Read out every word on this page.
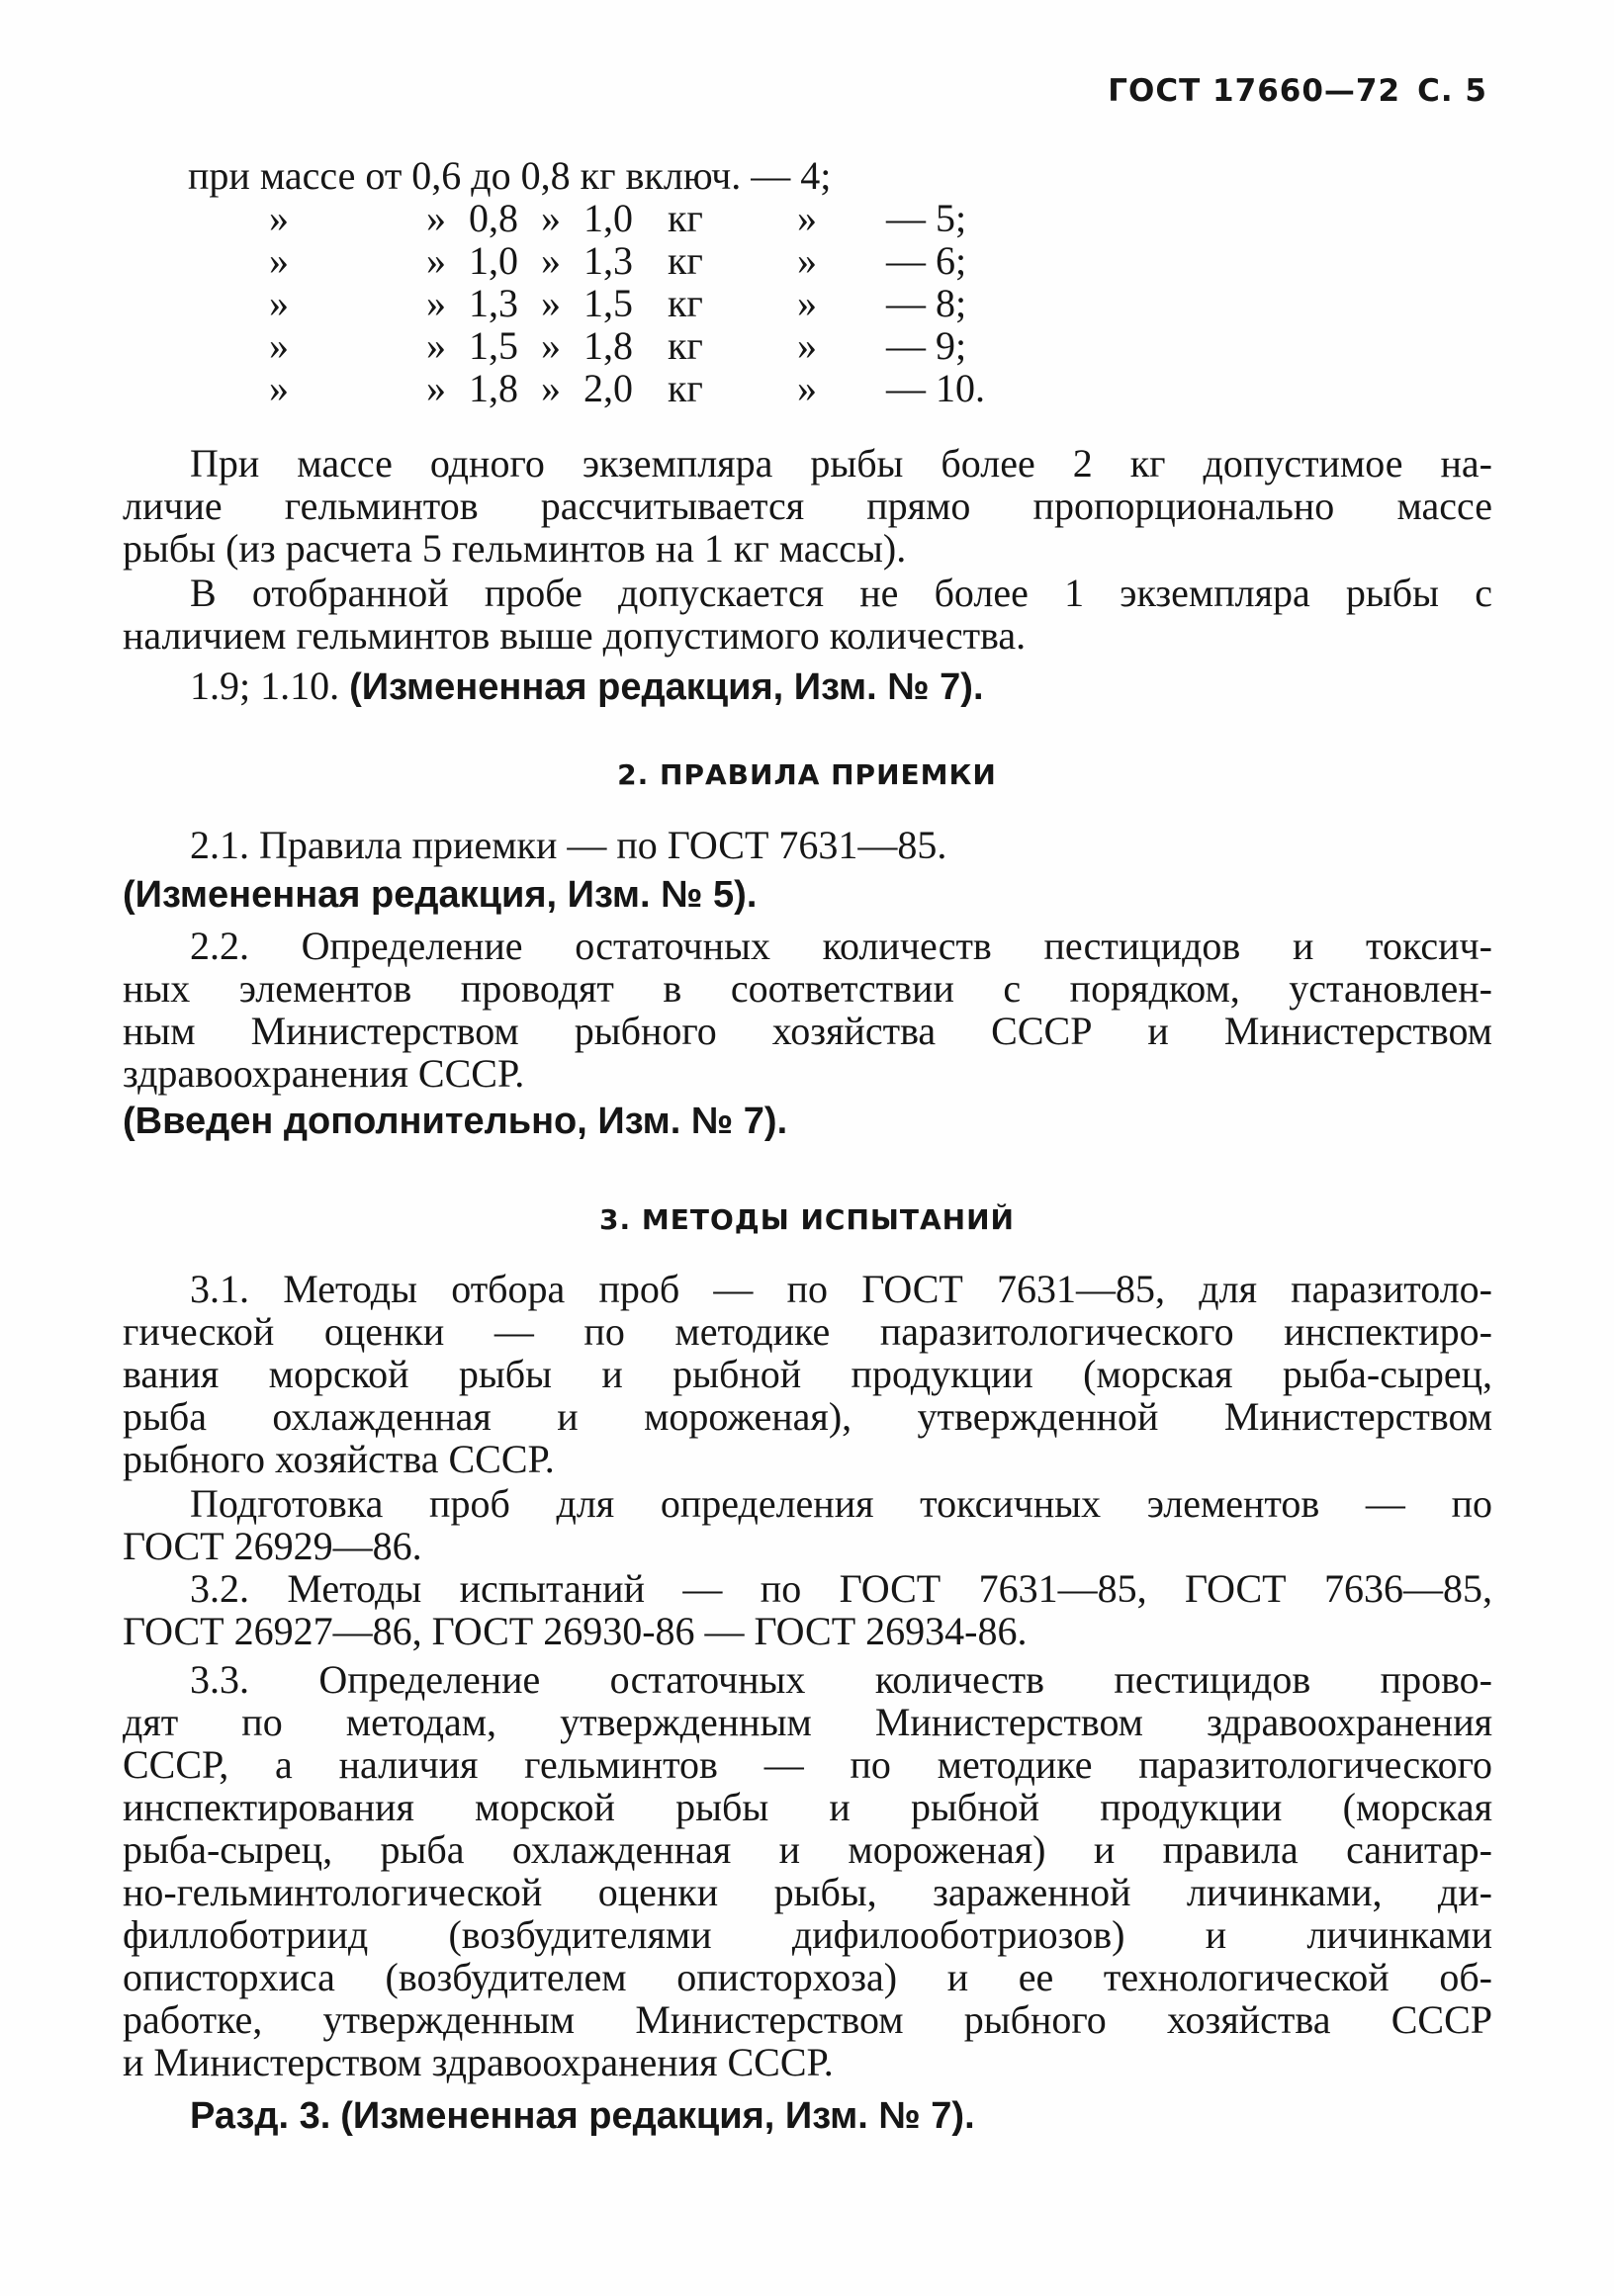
ГОСТ 17660—72 С. 5
при массе от 0,6 до 0,8 кг включ. — 4;
»	» 0,8 » 1,0 кг » — 5;
»	» 1,0 » 1,3 кг » — 6;
»	» 1,3 » 1,5 кг » — 8;
»	» 1,5 » 1,8 кг » — 9;
»	» 1,8 » 2,0 кг » — 10.
При массе одного экземпляра рыбы более 2 кг допустимое на-
личие гельминтов рассчитывается прямо пропорционально массе
рыбы (из расчета 5 гельминтов на 1 кг массы).
В отобранной пробе допускается не более 1 экземпляра рыбы с
наличием гельминтов выше допустимого количества.
1.9; 1.10. (Измененная редакция, Изм. № 7).
2. ПРАВИЛА ПРИЕМКИ
2.1. Правила приемки — по ГОСТ 7631—85.
(Измененная редакция, Изм. № 5).
2.2. Определение остаточных количеств пестицидов и токсич-
ных элементов проводят в соответствии с порядком, установлен-
ным Министерством рыбного хозяйства СССР и Министерством
здравоохранения СССР.
(Введен дополнительно, Изм. № 7).
3. МЕТОДЫ ИСПЫТАНИЙ
3.1. Методы отбора проб — по ГОСТ 7631—85, для паразитоло-
гической оценки — по методике паразитологического инспектиро-
вания морской рыбы и рыбной продукции (морская рыба-сырец,
рыба охлажденная и мороженая), утвержденной Министерством
рыбного хозяйства СССР.
Подготовка проб для определения токсичных элементов — по
ГОСТ 26929—86.
3.2. Методы испытаний — по ГОСТ 7631—85, ГОСТ 7636—85,
ГОСТ 26927—86, ГОСТ 26930-86 — ГОСТ 26934-86.
3.3. Определение остаточных количеств пестицидов прово-
дят по методам, утвержденным Министерством здравоохранения
СССР, а наличия гельминтов — по методике паразитологического
инспектирования морской рыбы и рыбной продукции (морская
рыба-сырец, рыба охлажденная и мороженая) и правила санитар-
но-гельминтологической оценки рыбы, зараженной личинками, ди-
филлоботриид (возбудителями дифилообoтриозов) и личинками
описторхиса (возбудителем описторхоза) и ее технологической об-
работке, утвержденным Министерством рыбного хозяйства СССР
и Министерством здравоохранения СССР.
Разд. 3. (Измененная редакция, Изм. № 7).
